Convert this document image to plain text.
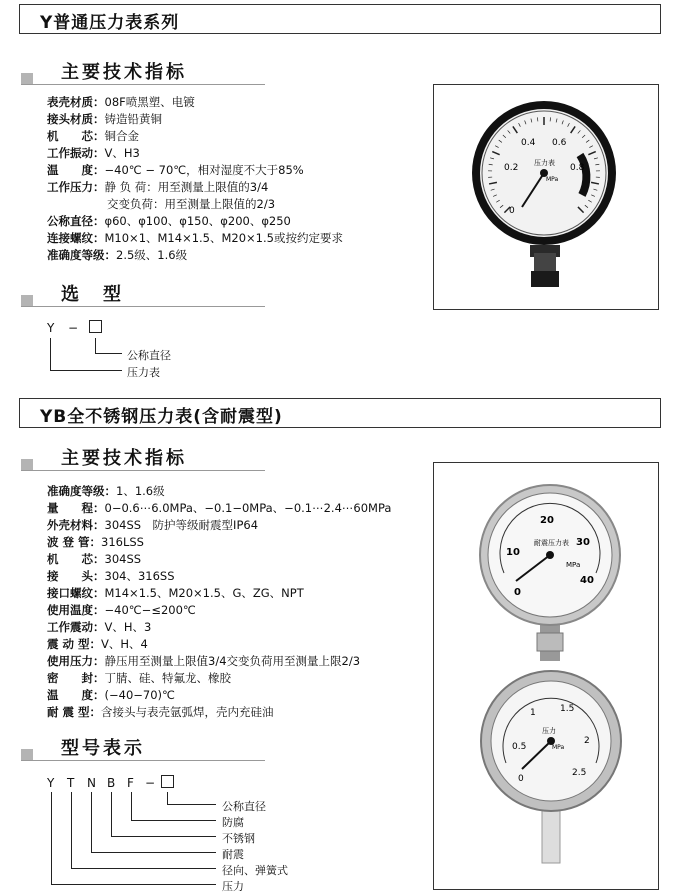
Y普通压力表系列
主要技术指标
表壳材质：08F喷黑塑、电镀
接头材质：铸造铅黄铜
机　　芯：铜合金
工作振动：V、H3
温　　度：−40℃ − 70℃，相对湿度不大于85%
工作压力：静 负 荷：用至测量上限值的3/4
交变负荷：用至测量上限值的2/3
公称直径：φ60、φ100、φ150、φ200、φ250
连接螺纹：M10×1、M14×1.5、M20×1.5或按约定要求
准确度等级：2.5级、1.6级
选　型
Y −
公称直径
压力表
0
0.2
0.4 0.6
0.8
压力表
MPa
YB全不锈钢压力表(含耐震型)
主要技术指标
准确度等级：1、1.6级
量　　程：0−0.6⋯6.0MPa、−0.1−0MPa、−0.1⋯2.4⋯60MPa
外壳材料：304SS　防护等级耐震型IP64
波 登 管：316LSS
机　　芯：304SS
接　　头：304、316SS
接口螺纹：M14×1.5、M20×1.5、G、ZG、NPT
使用温度：−40℃−≤200℃
工作震动：V、H、3
震 动 型：V、H、4
使用压力：静压用至测量上限值3/4交变负荷用至测量上限2/3
密　　封：丁腈、硅、特氟龙、橡胶
温　　度：(−40−70)℃
耐 震 型：含接头与表壳氩弧焊，壳内充硅油
型号表示
Y T N B F −
公称直径
防腐
不锈钢
耐震
径向、弹簧式
压力
0
10
20
30
40
耐震压力表
MPa
0
0.5
1	1.5
2
2.5
压力
MPa
